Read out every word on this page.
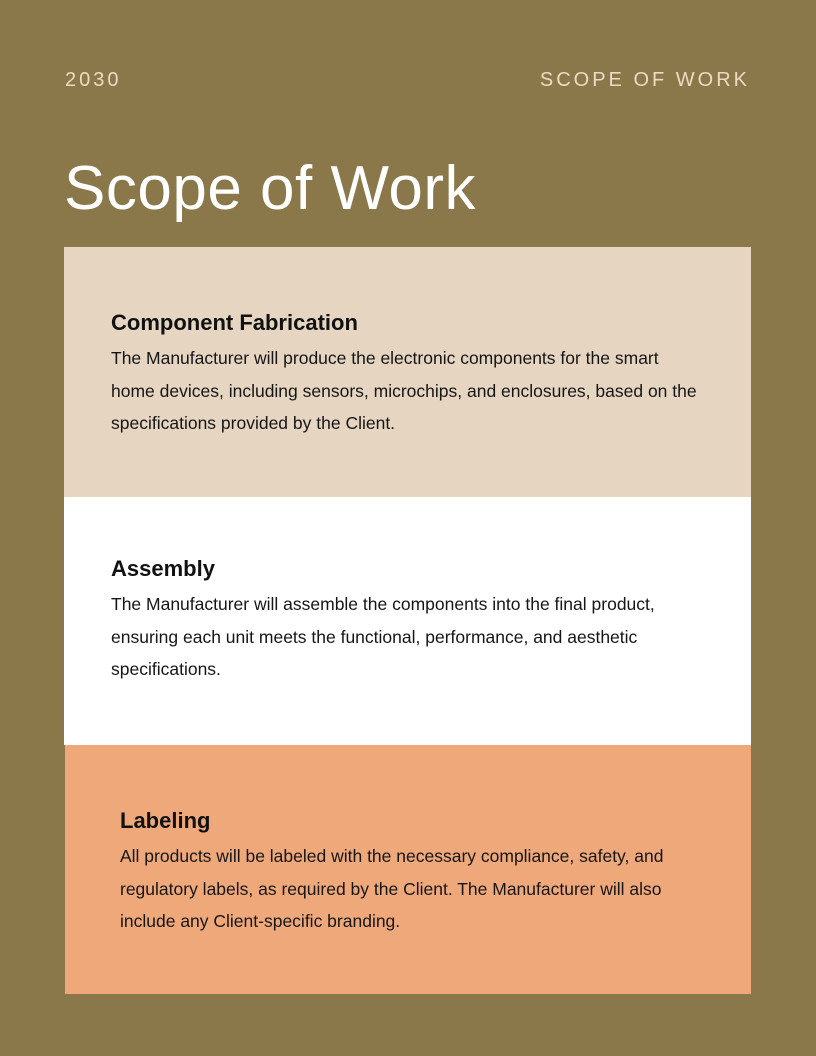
2030	SCOPE OF WORK
Scope of Work
Component Fabrication

The Manufacturer will produce the electronic components for the smart home devices, including sensors, microchips, and enclosures, based on the specifications provided by the Client.

Assembly

The Manufacturer will assemble the components into the final product, ensuring each unit meets the functional, performance, and aesthetic specifications.

Labeling

All products will be labeled with the necessary compliance, safety, and regulatory labels, as required by the Client. The Manufacturer will also include any Client-specific branding.
